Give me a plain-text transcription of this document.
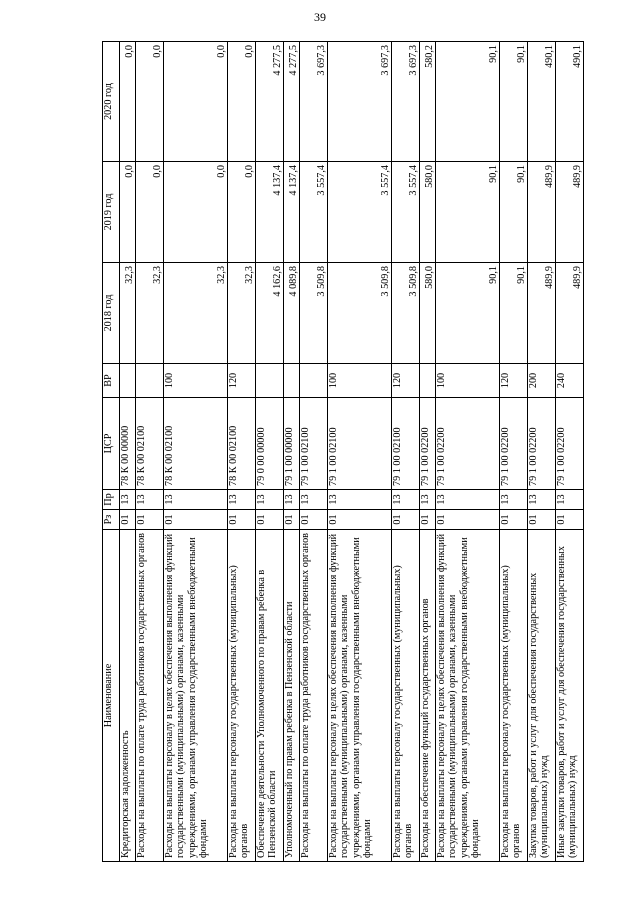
39
Наименование	Рз	Пр	ЦСР	ВР	2018 год	2019 год	2020 год
Кредиторская задолженность	01	13	78 К 00 00000		32,3	0,0	0,0
Расходы на выплаты по оплате труда работников государственных органов	01	13	78 К 00 02100		32,3	0,0	0,0
Расходы на выплаты персоналу в целях обеспечения выполнения функций государственными (муниципальными) органами, казенными учреждениями, органами управления государственными внебюджетными фондами	01	13	78 К 00 02100	100	32,3	0,0	0,0
Расходы на выплаты персоналу государственных (муниципальных) органов	01	13	78 К 00 02100	120	32,3	0,0	0,0
Обеспечение деятельности Уполномоченного по правам ребенка в Пензенской области	01	13	79 0 00 00000		4 162,6	4 137,4	4 277,5
Уполномоченный по правам ребенка в Пензенской области	01	13	79 1 00 00000		4 089,8	4 137,4	4 277,5
Расходы на выплаты по оплате труда работников государственных органов	01	13	79 1 00 02100		3 509,8	3 557,4	3 697,3
Расходы на выплаты персоналу в целях обеспечения выполнения функций государственными (муниципальными) органами, казенными учреждениями, органами управления государственными внебюджетными фондами	01	13	79 1 00 02100	100	3 509,8	3 557,4	3 697,3
Расходы на выплаты персоналу государственных (муниципальных) органов	01	13	79 1 00 02100	120	3 509,8	3 557,4	3 697,3
Расходы на обеспечение функций государственных органов	01	13	79 1 00 02200		580,0	580,0	580,2
Расходы на выплаты персоналу в целях обеспечения выполнения функций государственными (муниципальными) органами, казенными учреждениями, органами управления государственными внебюджетными фондами	01	13	79 1 00 02200	100	90,1	90,1	90,1
Расходы на выплаты персоналу государственных (муниципальных) органов	01	13	79 1 00 02200	120	90,1	90,1	90,1
Закупка товаров, работ и услуг для обеспечения государственных (муниципальных) нужд	01	13	79 1 00 02200	200	489,9	489,9	490,1
Иные закупки товаров, работ и услуг для обеспечения государственных (муниципальных) нужд	01	13	79 1 00 02200	240	489,9	489,9	490,1
